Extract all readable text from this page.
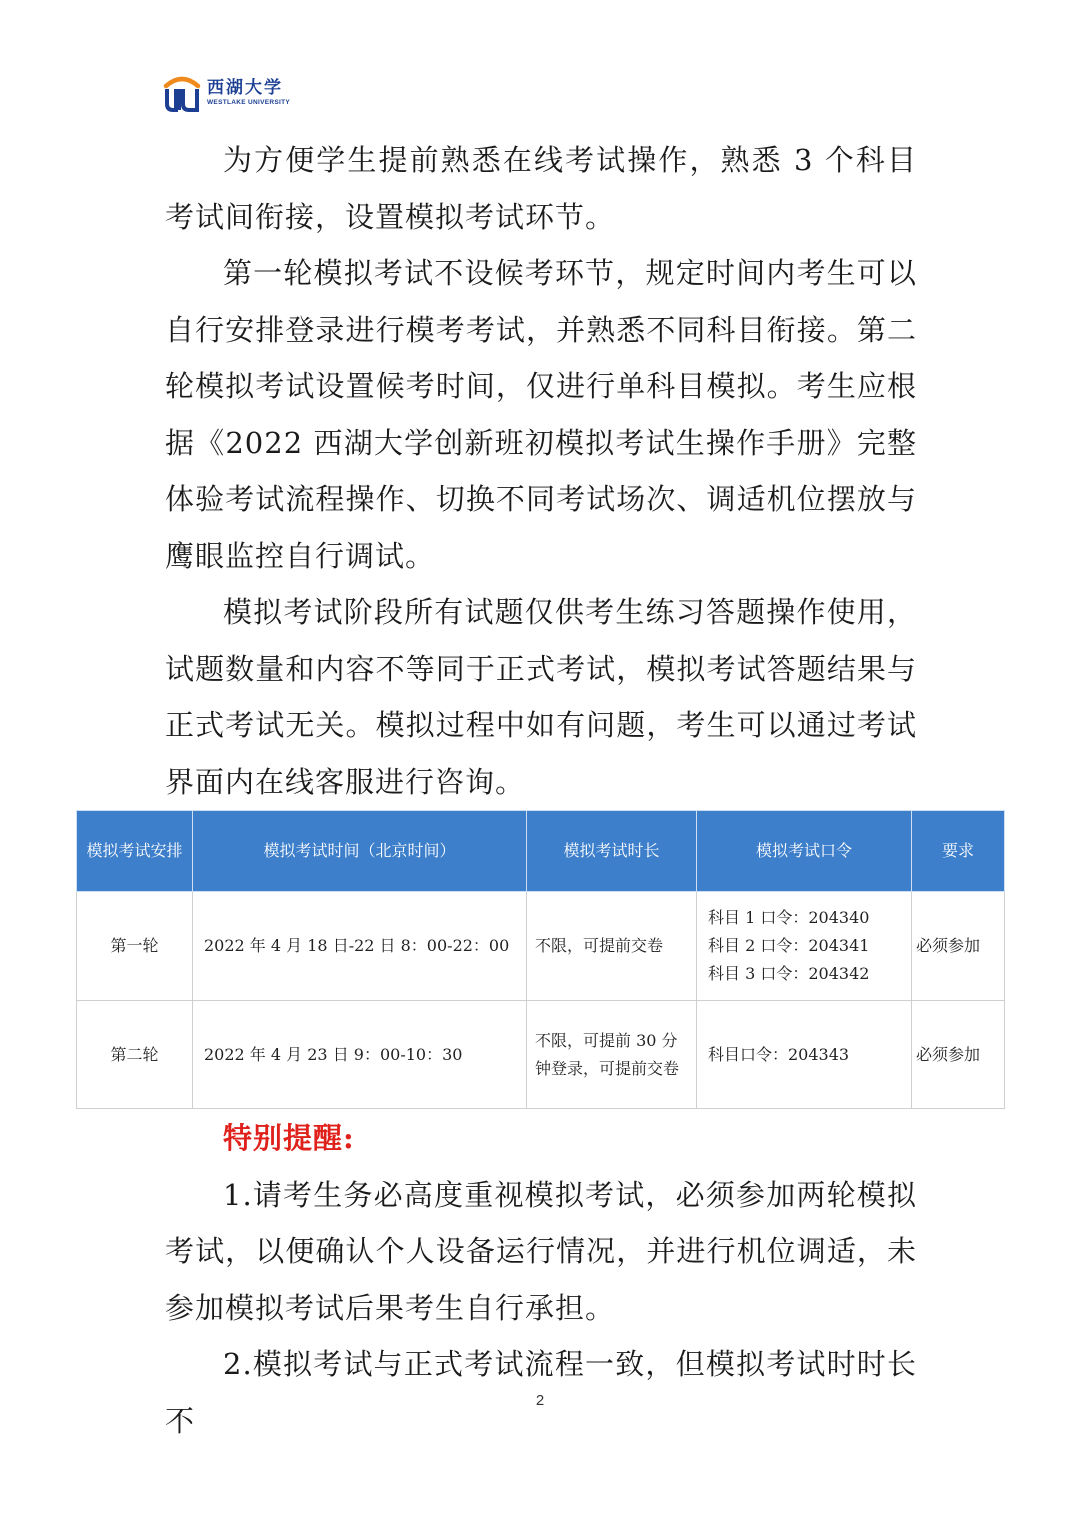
西湖大学
WESTLAKE UNIVERSITY

为方便学生提前熟悉在线考试操作，熟悉 3 个科目考试间衔接，设置模拟考试环节。

第一轮模拟考试不设候考环节，规定时间内考生可以自行安排登录进行模考考试，并熟悉不同科目衔接。第二轮模拟考试设置候考时间，仅进行单科目模拟。考生应根据《2022 西湖大学创新班初模拟考试生操作手册》完整体验考试流程操作、切换不同考试场次、调适机位摆放与鹰眼监控自行调试。

模拟考试阶段所有试题仅供考生练习答题操作使用，试题数量和内容不等同于正式考试，模拟考试答题结果与正式考试无关。模拟过程中如有问题，考生可以通过考试界面内在线客服进行咨询。

模拟考试安排	模拟考试时间（北京时间）	模拟考试时长	模拟考试口令	要求
第一轮	2022 年 4 月 18 日-22 日 8：00-22：00	不限，可提前交卷	科目 1 口令：204340
科目 2 口令：204341
科目 3 口令：204342	必须参加
第二轮	2022 年 4 月 23 日 9：00-10：30	不限，可提前 30 分钟登录，可提前交卷	科目口令：204343	必须参加

特别提醒:

1.请考生务必高度重视模拟考试，必须参加两轮模拟考试，以便确认个人设备运行情况，并进行机位调适，未参加模拟考试后果考生自行承担。

2.模拟考试与正式考试流程一致，但模拟考试时时长不

2
